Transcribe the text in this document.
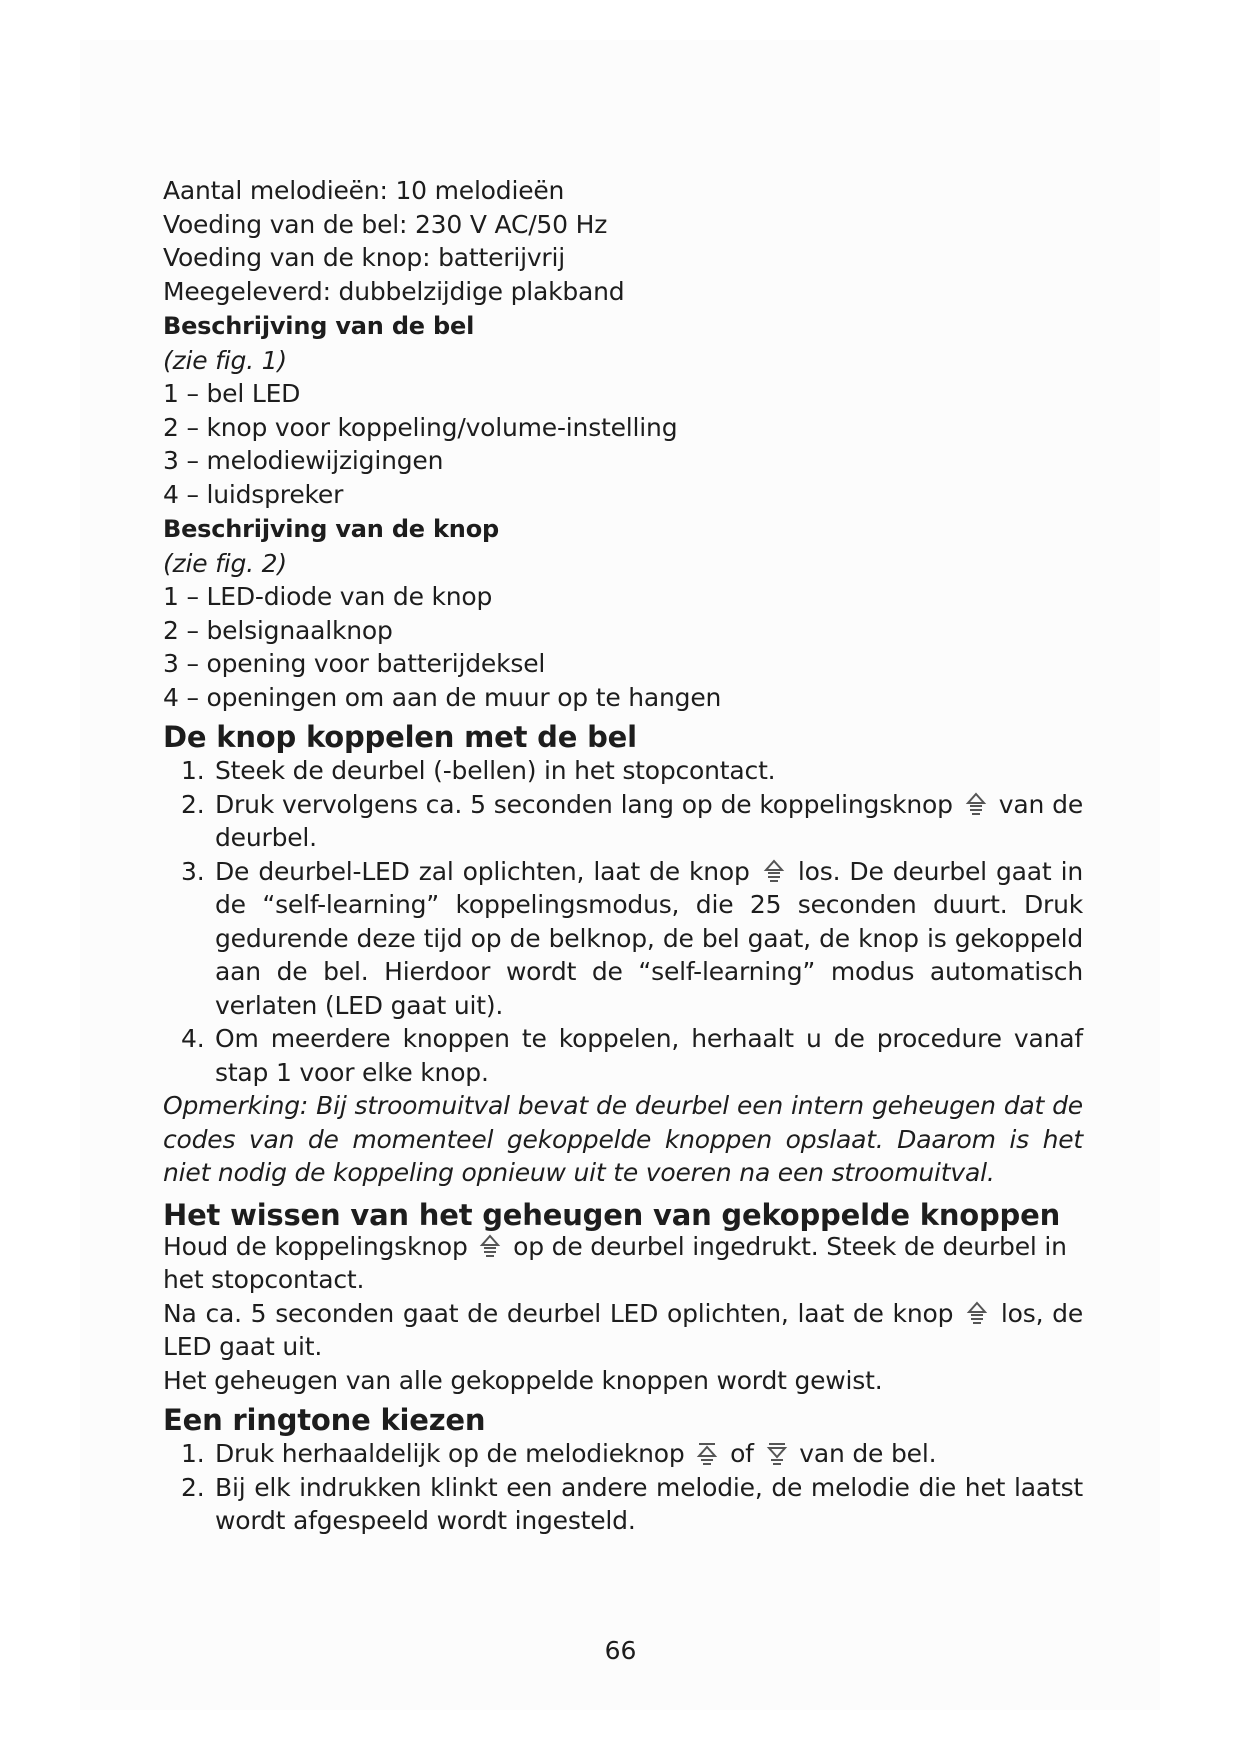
Aantal melodieën: 10 melodieën

Voeding van de bel: 230 V AC/50 Hz

Voeding van de knop: batterijvrij

Meegeleverd: dubbelzijdige plakband

Beschrijving van de bel

(zie fig. 1)

1 – bel LED

2 – knop voor koppeling/volume-instelling

3 – melodiewijzigingen

4 – luidspreker

Beschrijving van de knop

(zie fig. 2)

1 – LED-diode van de knop

2 – belsignaalknop

3 – opening voor batterijdeksel

4 – openingen om aan de muur op te hangen

De knop koppelen met de bel
1. Steek de deurbel (-bellen) in het stopcontact.
2. Druk vervolgens ca. 5 seconden lang op de koppelingsknop van de deurbel.
3. De deurbel-LED zal oplichten, laat de knop los. De deurbel gaat in de “self-learning” koppelingsmodus, die 25 seconden duurt. Druk gedurende deze tijd op de belknop, de bel gaat, de knop is gekoppeld aan de bel. Hierdoor wordt de “self-learning” modus automatisch verlaten (LED gaat uit).
4. Om meerdere knoppen te koppelen, herhaalt u de procedure vanaf stap 1 voor elke knop.

Opmerking: Bij stroomuitval bevat de deurbel een intern geheugen dat de codes van de momenteel gekoppelde knoppen opslaat. Daarom is het niet nodig de koppeling opnieuw uit te voeren na een stroomuitval.

Het wissen van het geheugen van gekoppelde knoppen

Houd de koppelingsknop op de deurbel ingedrukt. Steek de deurbel in het stopcontact.

Na ca. 5 seconden gaat de deurbel LED oplichten, laat de knop los, de LED gaat uit.

Het geheugen van alle gekoppelde knoppen wordt gewist.

Een ringtone kiezen
1. Druk herhaaldelijk op de melodieknop of van de bel.
2. Bij elk indrukken klinkt een andere melodie, de melodie die het laatst wordt afgespeeld wordt ingesteld.
66
